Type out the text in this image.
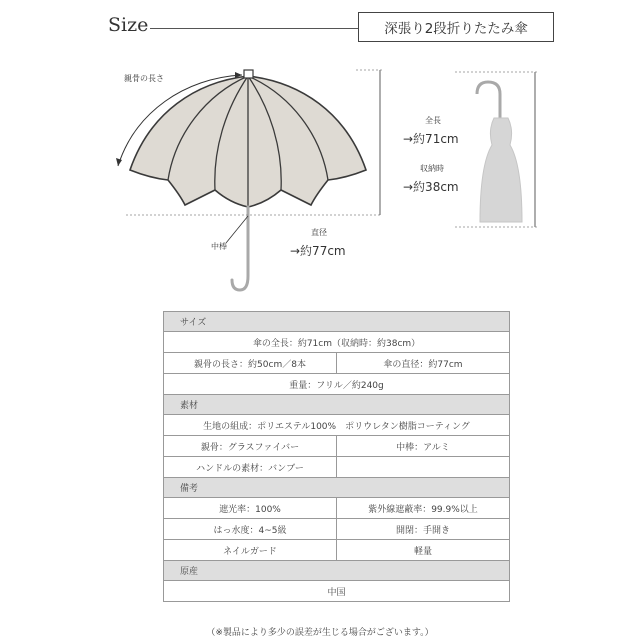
Size	深張り2段折りたたみ傘
親骨の長さ
中棒
直径
→約77cm
全長
→約71cm
収納時
→約38cm
サイズ	
傘の全長：約71cm（収納時：約38cm）	
親骨の長さ：約50cm／8本	傘の直径：約77cm
重量：フリル／約240g	
素材	
生地の組成：ポリエステル100%　ポリウレタン樹脂コーティング	
親骨：グラスファイバー	中棒：アルミ
ハンドルの素材：バンブー	
備考	
遮光率：100%	紫外線遮蔽率：99.9%以上
はっ水度：4~5級	開閉：手開き
ネイルガード	軽量
原産	
中国	
（※製品により多少の誤差が生じる場合がございます。）
